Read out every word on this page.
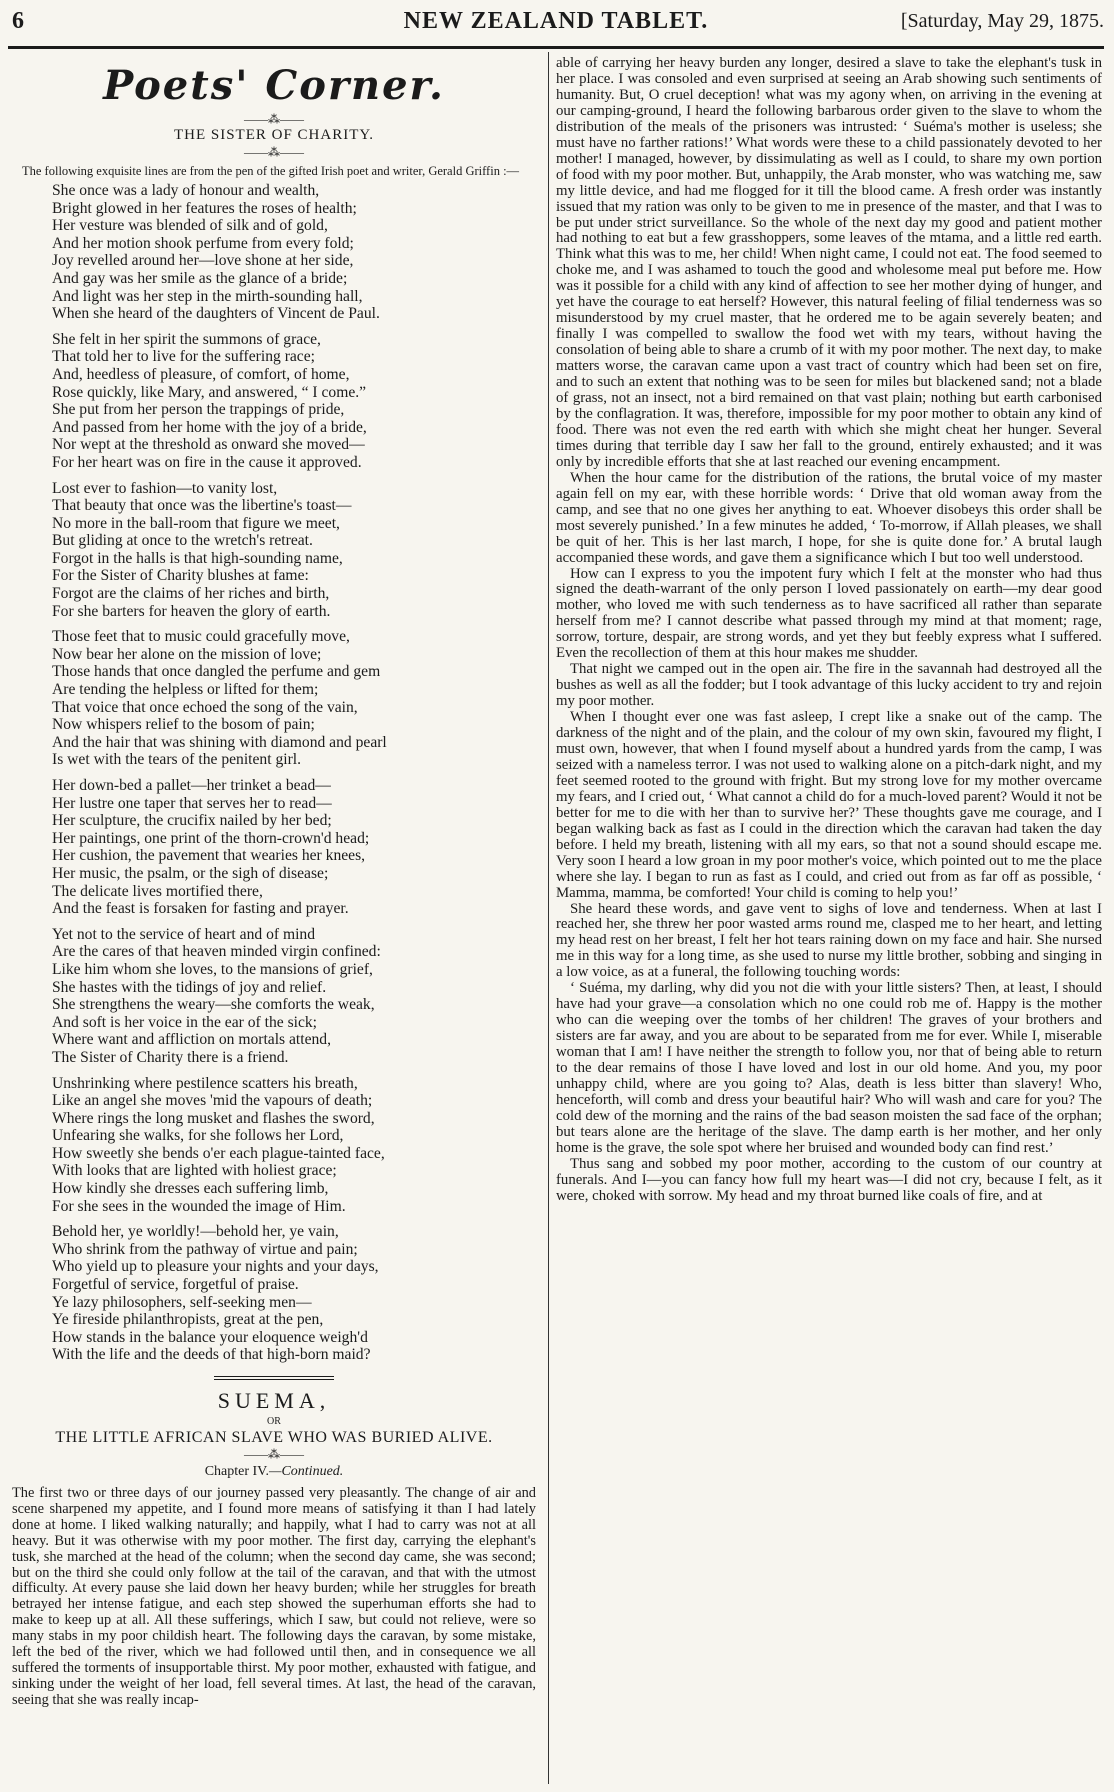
6	NEW ZEALAND TABLET.	[Saturday, May 29, 1875.
Poets' Corner.
——⁂——
THE SISTER OF CHARITY.
——⁂——

The following exquisite lines are from the pen of the gifted Irish poet and writer, Gerald Griffin :—

She once was a lady of honour and wealth,
Bright glowed in her features the roses of health;
Her vesture was blended of silk and of gold,
And her motion shook perfume from every fold;
Joy revelled around her—love shone at her side,
And gay was her smile as the glance of a bride;
And light was her step in the mirth-sounding hall,
When she heard of the daughters of Vincent de Paul.
She felt in her spirit the summons of grace,
That told her to live for the suffering race;
And, heedless of pleasure, of comfort, of home,
Rose quickly, like Mary, and answered, “ I come.”
She put from her person the trappings of pride,
And passed from her home with the joy of a bride,
Nor wept at the threshold as onward she moved—
For her heart was on fire in the cause it approved.
Lost ever to fashion—to vanity lost,
That beauty that once was the libertine's toast—
No more in the ball-room that figure we meet,
But gliding at once to the wretch's retreat.
Forgot in the halls is that high-sounding name,
For the Sister of Charity blushes at fame:
Forgot are the claims of her riches and birth,
For she barters for heaven the glory of earth.
Those feet that to music could gracefully move,
Now bear her alone on the mission of love;
Those hands that once dangled the perfume and gem
Are tending the helpless or lifted for them;
That voice that once echoed the song of the vain,
Now whispers relief to the bosom of pain;
And the hair that was shining with diamond and pearl
Is wet with the tears of the penitent girl.
Her down-bed a pallet—her trinket a bead—
Her lustre one taper that serves her to read—
Her sculpture, the crucifix nailed by her bed;
Her paintings, one print of the thorn-crown'd head;
Her cushion, the pavement that wearies her knees,
Her music, the psalm, or the sigh of disease;
The delicate lives mortified there,
And the feast is forsaken for fasting and prayer.
Yet not to the service of heart and of mind
Are the cares of that heaven minded virgin confined:
Like him whom she loves, to the mansions of grief,
She hastes with the tidings of joy and relief.
She strengthens the weary—she comforts the weak,
And soft is her voice in the ear of the sick;
Where want and affliction on mortals attend,
The Sister of Charity there is a friend.
Unshrinking where pestilence scatters his breath,
Like an angel she moves 'mid the vapours of death;
Where rings the long musket and flashes the sword,
Unfearing she walks, for she follows her Lord,
How sweetly she bends o'er each plague-tainted face,
With looks that are lighted with holiest grace;
How kindly she dresses each suffering limb,
For she sees in the wounded the image of Him.
Behold her, ye worldly!—behold her, ye vain,
Who shrink from the pathway of virtue and pain;
Who yield up to pleasure your nights and your days,
Forgetful of service, forgetful of praise.
Ye lazy philosophers, self-seeking men—
Ye fireside philanthropists, great at the pen,
How stands in the balance your eloquence weigh'd
With the life and the deeds of that high-born maid?
SUEMA,
OR
THE LITTLE AFRICAN SLAVE WHO WAS BURIED ALIVE.
——⁂——
Chapter IV.—Continued.

The first two or three days of our journey passed very pleasantly. The change of air and scene sharpened my appetite, and I found more means of satisfying it than I had lately done at home. I liked walking naturally; and happily, what I had to carry was not at all heavy. But it was otherwise with my poor mother. The first day, carrying the elephant's tusk, she marched at the head of the column; when the second day came, she was second; but on the third she could only follow at the tail of the caravan, and that with the utmost difficulty. At every pause she laid down her heavy burden; while her struggles for breath betrayed her intense fatigue, and each step showed the superhuman efforts she had to make to keep up at all. All these sufferings, which I saw, but could not relieve, were so many stabs in my poor childish heart. The following days the caravan, by some mistake, left the bed of the river, which we had followed until then, and in consequence we all suffered the torments of insupportable thirst. My poor mother, exhausted with fatigue, and sinking under the weight of her load, fell several times. At last, the head of the caravan, seeing that she was really incap-

able of carrying her heavy burden any longer, desired a slave to take the elephant's tusk in her place. I was consoled and even surprised at seeing an Arab showing such sentiments of humanity. But, O cruel deception! what was my agony when, on arriving in the evening at our camping-ground, I heard the following barbarous order given to the slave to whom the distribution of the meals of the prisoners was intrusted: ‘ Suéma's mother is useless; she must have no farther rations!’ What words were these to a child passionately devoted to her mother! I managed, however, by dissimulating as well as I could, to share my own portion of food with my poor mother. But, unhappily, the Arab monster, who was watching me, saw my little device, and had me flogged for it till the blood came. A fresh order was instantly issued that my ration was only to be given to me in presence of the master, and that I was to be put under strict surveillance. So the whole of the next day my good and patient mother had nothing to eat but a few grasshoppers, some leaves of the mtama, and a little red earth. Think what this was to me, her child! When night came, I could not eat. The food seemed to choke me, and I was ashamed to touch the good and wholesome meal put before me. How was it possible for a child with any kind of affection to see her mother dying of hunger, and yet have the courage to eat herself? However, this natural feeling of filial tenderness was so misunderstood by my cruel master, that he ordered me to be again severely beaten; and finally I was compelled to swallow the food wet with my tears, without having the consolation of being able to share a crumb of it with my poor mother. The next day, to make matters worse, the caravan came upon a vast tract of country which had been set on fire, and to such an extent that nothing was to be seen for miles but blackened sand; not a blade of grass, not an insect, not a bird remained on that vast plain; nothing but earth carbonised by the conflagration. It was, therefore, impossible for my poor mother to obtain any kind of food. There was not even the red earth with which she might cheat her hunger. Several times during that terrible day I saw her fall to the ground, entirely exhausted; and it was only by incredible efforts that she at last reached our evening encampment.

When the hour came for the distribution of the rations, the brutal voice of my master again fell on my ear, with these horrible words: ‘ Drive that old woman away from the camp, and see that no one gives her anything to eat. Whoever disobeys this order shall be most severely punished.’ In a few minutes he added, ‘ To-morrow, if Allah pleases, we shall be quit of her. This is her last march, I hope, for she is quite done for.’ A brutal laugh accompanied these words, and gave them a significance which I but too well understood.

How can I express to you the impotent fury which I felt at the monster who had thus signed the death-warrant of the only person I loved passionately on earth—my dear good mother, who loved me with such tenderness as to have sacrificed all rather than separate herself from me? I cannot describe what passed through my mind at that moment; rage, sorrow, torture, despair, are strong words, and yet they but feebly express what I suffered. Even the recollection of them at this hour makes me shudder.

That night we camped out in the open air. The fire in the savannah had destroyed all the bushes as well as all the fodder; but I took advantage of this lucky accident to try and rejoin my poor mother.

When I thought ever one was fast asleep, I crept like a snake out of the camp. The darkness of the night and of the plain, and the colour of my own skin, favoured my flight, I must own, however, that when I found myself about a hundred yards from the camp, I was seized with a nameless terror. I was not used to walking alone on a pitch-dark night, and my feet seemed rooted to the ground with fright. But my strong love for my mother overcame my fears, and I cried out, ‘ What cannot a child do for a much-loved parent? Would it not be better for me to die with her than to survive her?’ These thoughts gave me courage, and I began walking back as fast as I could in the direction which the caravan had taken the day before. I held my breath, listening with all my ears, so that not a sound should escape me. Very soon I heard a low groan in my poor mother's voice, which pointed out to me the place where she lay. I began to run as fast as I could, and cried out from as far off as possible, ‘ Mamma, mamma, be comforted! Your child is coming to help you!’

She heard these words, and gave vent to sighs of love and tenderness. When at last I reached her, she threw her poor wasted arms round me, clasped me to her heart, and letting my head rest on her breast, I felt her hot tears raining down on my face and hair. She nursed me in this way for a long time, as she used to nurse my little brother, sobbing and singing in a low voice, as at a funeral, the following touching words:

‘ Suéma, my darling, why did you not die with your little sisters? Then, at least, I should have had your grave—a consolation which no one could rob me of. Happy is the mother who can die weeping over the tombs of her children! The graves of your brothers and sisters are far away, and you are about to be separated from me for ever. While I, miserable woman that I am! I have neither the strength to follow you, nor that of being able to return to the dear remains of those I have loved and lost in our old home. And you, my poor unhappy child, where are you going to? Alas, death is less bitter than slavery! Who, henceforth, will comb and dress your beautiful hair? Who will wash and care for you? The cold dew of the morning and the rains of the bad season moisten the sad face of the orphan; but tears alone are the heritage of the slave. The damp earth is her mother, and her only home is the grave, the sole spot where her bruised and wounded body can find rest.’

Thus sang and sobbed my poor mother, according to the custom of our country at funerals. And I—you can fancy how full my heart was—I did not cry, because I felt, as it were, choked with sorrow. My head and my throat burned like coals of fire, and at
